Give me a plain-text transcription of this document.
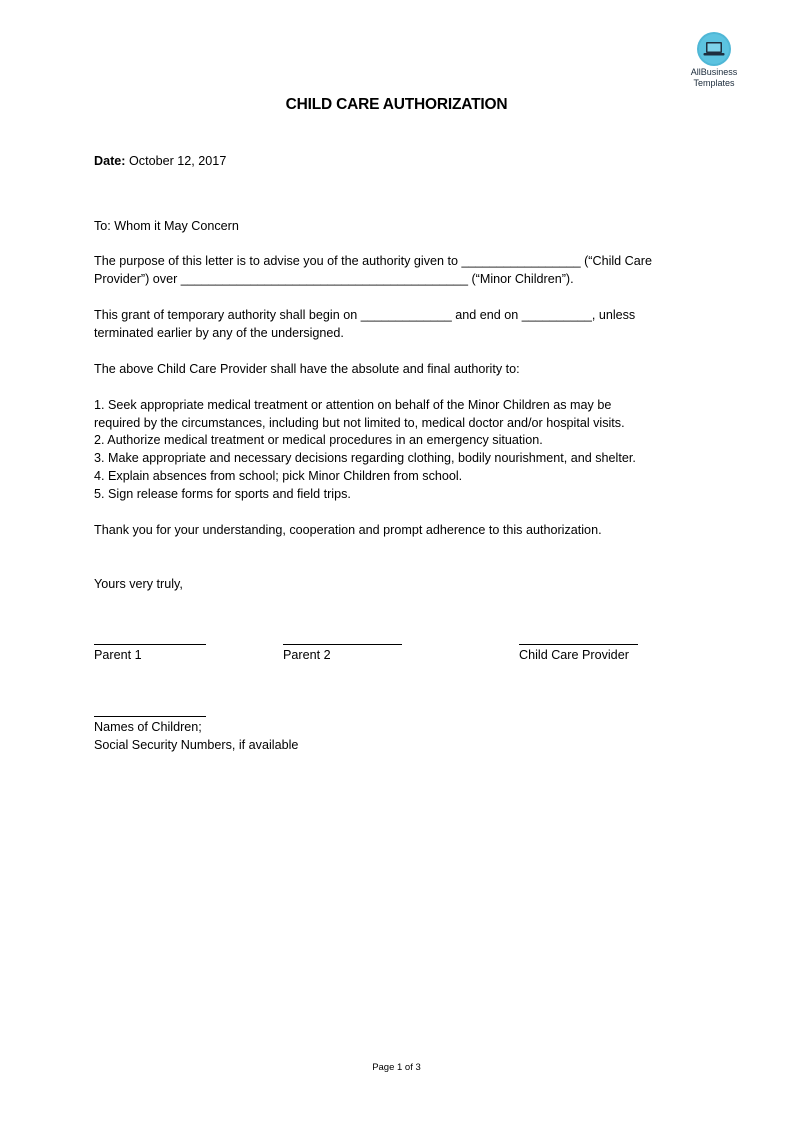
AllBusiness
Templates
CHILD CARE AUTHORIZATION
Date: October 12, 2017
To: Whom it May Concern
The purpose of this letter is to advise you of the authority given to _________________ (“Child Care
Provider”) over _________________________________________ (“Minor Children”).
This grant of temporary authority shall begin on _____________ and end on __________, unless
terminated earlier by any of the undersigned.
The above Child Care Provider shall have the absolute and final authority to:
1. Seek appropriate medical treatment or attention on behalf of the Minor Children as may be
required by the circumstances, including but not limited to, medical doctor and/or hospital visits.
2. Authorize medical treatment or medical procedures in an emergency situation.
3. Make appropriate and necessary decisions regarding clothing, bodily nourishment, and shelter.
4. Explain absences from school; pick Minor Children from school.
5. Sign release forms for sports and field trips.
Thank you for your understanding, cooperation and prompt adherence to this authorization.
Yours very truly,
Parent 1	Parent 2	Child Care Provider
Names of Children;
Social Security Numbers, if available
Page 1 of 3
